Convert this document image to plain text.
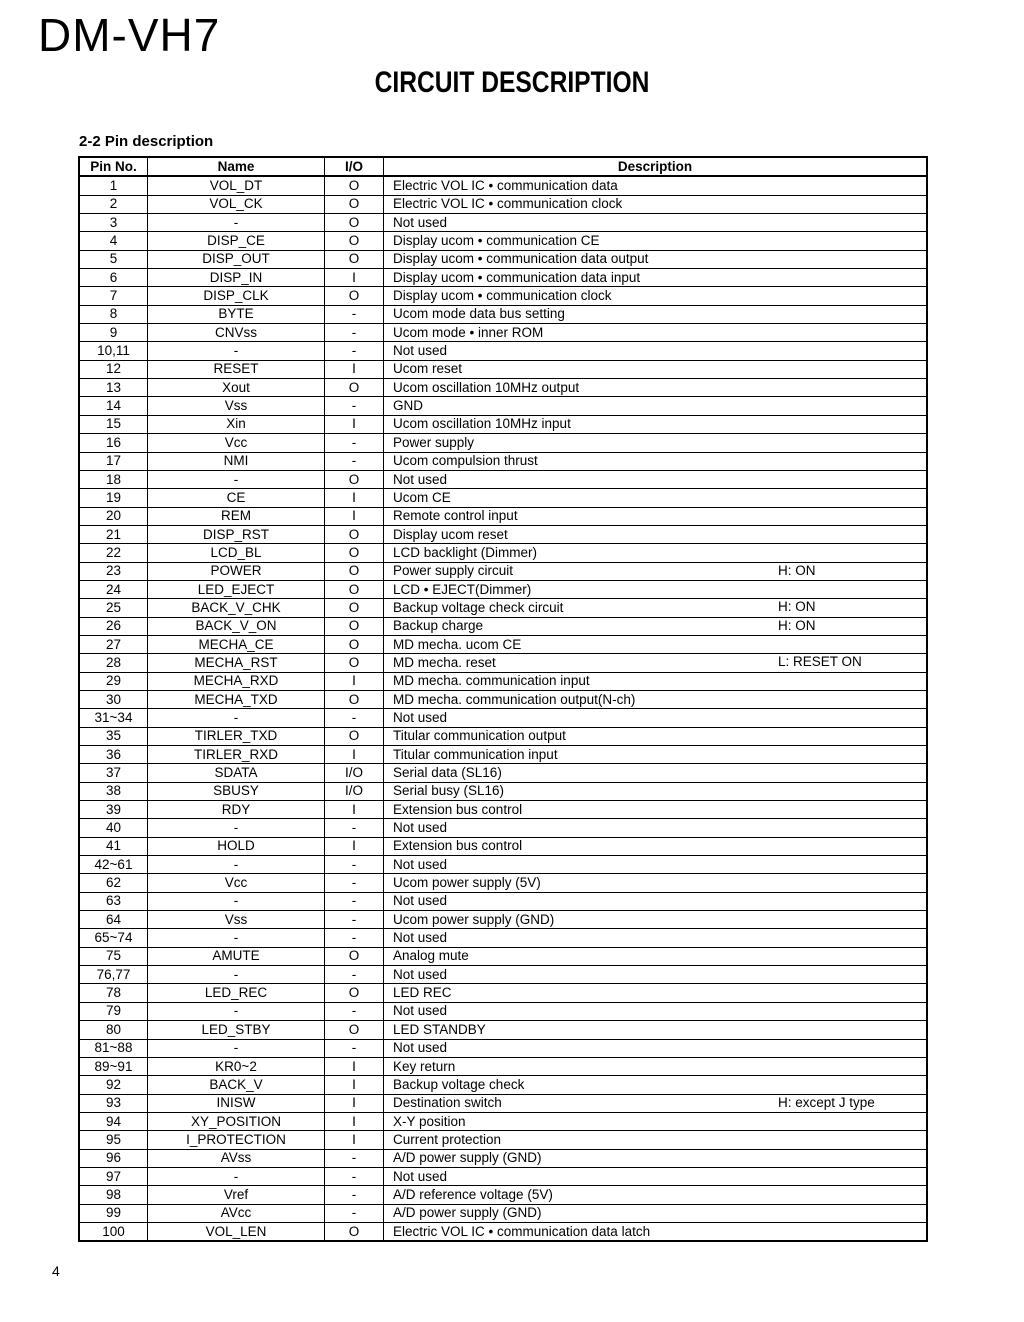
DM-VH7
CIRCUIT DESCRIPTION
2-2 Pin description
Pin No.	Name	I/O	Description
1	VOL_DT	O	Electric VOL IC • communication data
2	VOL_CK	O	Electric VOL IC • communication clock
3	-	O	Not used
4	DISP_CE	O	Display ucom • communication CE
5	DISP_OUT	O	Display ucom • communication data output
6	DISP_IN	I	Display ucom • communication data input
7	DISP_CLK	O	Display ucom • communication clock
8	BYTE	-	Ucom mode data bus setting
9	CNVss	-	Ucom mode • inner ROM
10,11	-	-	Not used
12	RESET	I	Ucom reset
13	Xout	O	Ucom oscillation 10MHz output
14	Vss	-	GND
15	Xin	I	Ucom oscillation 10MHz input
16	Vcc	-	Power supply
17	NMI	-	Ucom compulsion thrust
18	-	O	Not used
19	CE	I	Ucom CE
20	REM	I	Remote control input
21	DISP_RST	O	Display ucom reset
22	LCD_BL	O	LCD backlight (Dimmer)
23	POWER	O	Power supply circuit H: ON

24	LED_EJECT	O	LCD • EJECT(Dimmer)
25	BACK_V_CHK	O	Backup voltage check circuit H: ON

26	BACK_V_ON	O	Backup charge H: ON

27	MECHA_CE	O	MD mecha. ucom CE
28	MECHA_RST	O	MD mecha. reset L: RESET ON

29	MECHA_RXD	I	MD mecha. communication input
30	MECHA_TXD	O	MD mecha. communication output(N-ch)
31~34	-	-	Not used
35	TIRLER_TXD	O	Titular communication output
36	TIRLER_RXD	I	Titular communication input
37	SDATA	I/O	Serial data (SL16)
38	SBUSY	I/O	Serial busy (SL16)
39	RDY	I	Extension bus control
40	-	-	Not used
41	HOLD	I	Extension bus control
42~61	-	-	Not used
62	Vcc	-	Ucom power supply (5V)
63	-	-	Not used
64	Vss	-	Ucom power supply (GND)
65~74	-	-	Not used
75	AMUTE	O	Analog mute
76,77	-	-	Not used
78	LED_REC	O	LED REC
79	-	-	Not used
80	LED_STBY	O	LED STANDBY
81~88	-	-	Not used
89~91	KR0~2	I	Key return
92	BACK_V	I	Backup voltage check
93	INISW	I	Destination switch H: except J type

94	XY_POSITION	I	X-Y position
95	I_PROTECTION	I	Current protection
96	AVss	-	A/D power supply (GND)
97	-	-	Not used
98	Vref	-	A/D reference voltage (5V)
99	AVcc	-	A/D power supply (GND)
100	VOL_LEN	O	Electric VOL IC • communication data latch
4
